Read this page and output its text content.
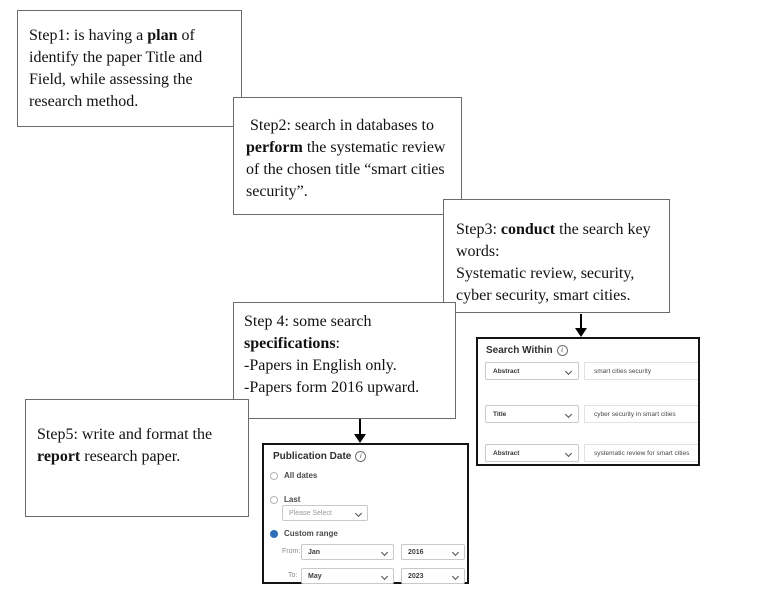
Step1: is having a plan of
identify the paper Title and
Field, while assessing the
research method.
Step2: search in databases to
perform the systematic review
of the chosen title “smart cities
security”.
Step3: conduct the search key
words:
Systematic review, security,
cyber security, smart cities.
Step 4: some search
specifications:
-Papers in English only.
-Papers form 2016 upward.
Step5: write and format the
report research paper.
Search Within	i
Abstract	smart cities security
Title	cyber security in smart cities
Abstract	systematic review for smart cities
Publication Date	i
All dates
Last
Please Select
Custom range
From: Jan	2016
To: May	2023
